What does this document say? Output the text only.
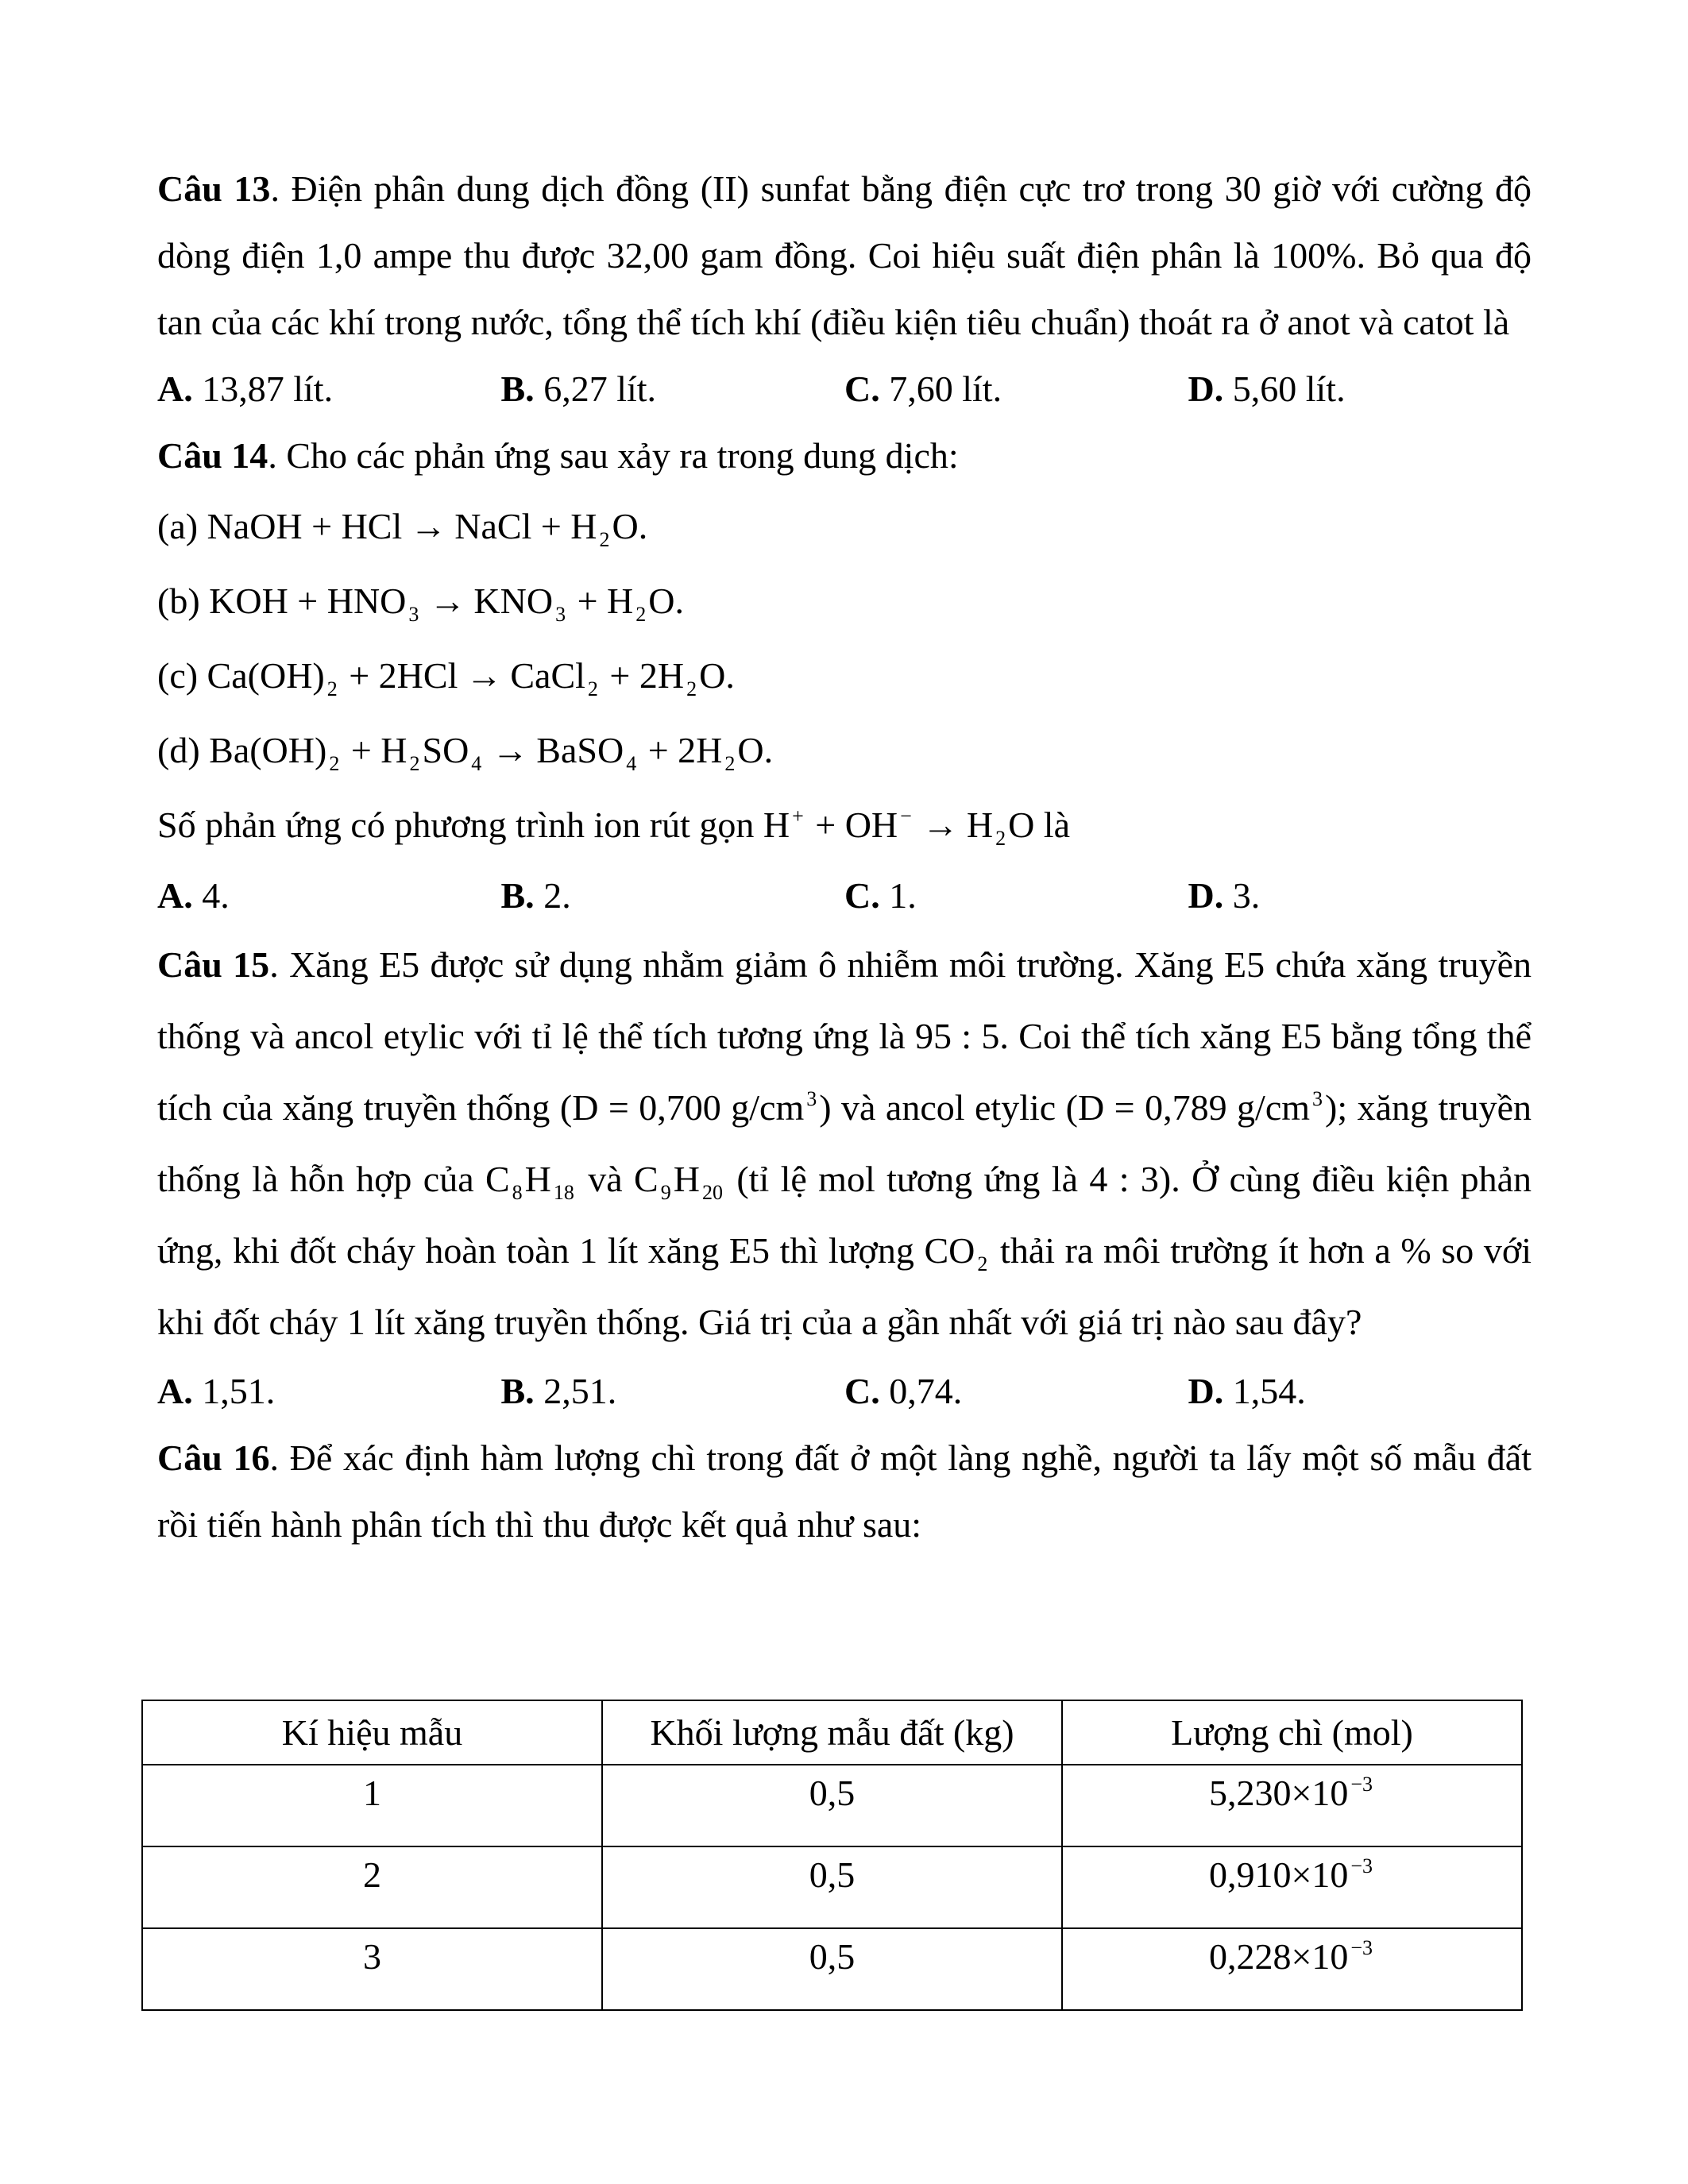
Câu 13. Điện phân dung dịch đồng (II) sunfat bằng điện cực trơ trong 30 giờ với cường độ dòng điện 1,0 ampe thu được 32,00 gam đồng. Coi hiệu suất điện phân là 100%. Bỏ qua độ tan của các khí trong nước, tổng thể tích khí (điều kiện tiêu chuẩn) thoát ra ở anot và catot là

A. 13,87 lít.	B. 6,27 lít.	C. 7,60 lít.	D. 5,60 lít.

Câu 14. Cho các phản ứng sau xảy ra trong dung dịch:

(a) NaOH + HCl → NaCl + H $_2$O.
(b) KOH + HNO $_3$ → KNO $_3$ + H $_2$O.
(c) Ca(OH) $_2$ + 2HCl → CaCl $_2$ + 2H $_2$O.
(d) Ba(OH) $_2$ + H $_2$SO $_4$ → BaSO $_4$ + 2H $_2$O.
Số phản ứng có phương trình ion rút gọn H + + OH − → H $_2$O là
A. 4.	B. 2.	C. 1.	D. 3.

Câu 15. Xăng E5 được sử dụng nhằm giảm ô nhiễm môi trường. Xăng E5 chứa xăng truyền thống và ancol etylic với tỉ lệ thể tích tương ứng là 95 : 5. Coi thể tích xăng E5 bằng tổng thể tích của xăng truyền thống (D = 0,700 g/cm $^3$) và ancol etylic (D = 0,789 g/cm $^3$); xăng truyền thống là hỗn hợp của C $_8$H $_{18}$ và C $_9$H $_{20}$ (tỉ lệ mol tương ứng là 4 : 3). Ở cùng điều kiện phản ứng, khi đốt cháy hoàn toàn 1 lít xăng E5 thì lượng CO $_2$ thải ra môi trường ít hơn a % so với khi đốt cháy 1 lít xăng truyền thống. Giá trị của a gần nhất với giá trị nào sau đây?

A. 1,51.	B. 2,51.	C. 0,74.	D. 1,54.

Câu 16. Để xác định hàm lượng chì trong đất ở một làng nghề, người ta lấy một số mẫu đất rồi tiến hành phân tích thì thu được kết quả như sau:

Kí hiệu mẫu	Khối lượng mẫu đất (kg)	Lượng chì (mol)
1	0,5	5,230×10 $^{-3}$
2	0,5	0,910×10 $^{-3}$
3	0,5	0,228×10 $^{-3}$
